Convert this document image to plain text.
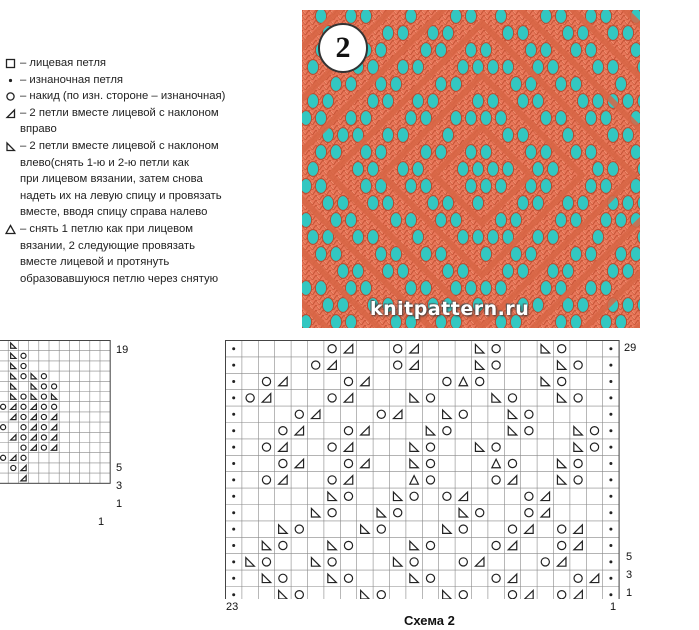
– лицевая петля
– изнаночная петля
– накид (по изн. стороне – изнаночная)
– 2 петли вместе лицевой с наклоном
вправо
– 2 петли вместе лицевой с наклоном
влево(снять 1-ю и 2-ю петли как
при лицевом вязании, затем снова
надеть их на левую спицу и провязать
вместе, вводя спицу справа налево
– снять 1 петлю как при лицевом
вязании, 2 следующие провязать
вместе лицевой и протянуть
образовавшуюся петлю через снятую
2
knitpattern.ru
19
5
3
1
1
29
5
3
1
23	1
Схема 2
